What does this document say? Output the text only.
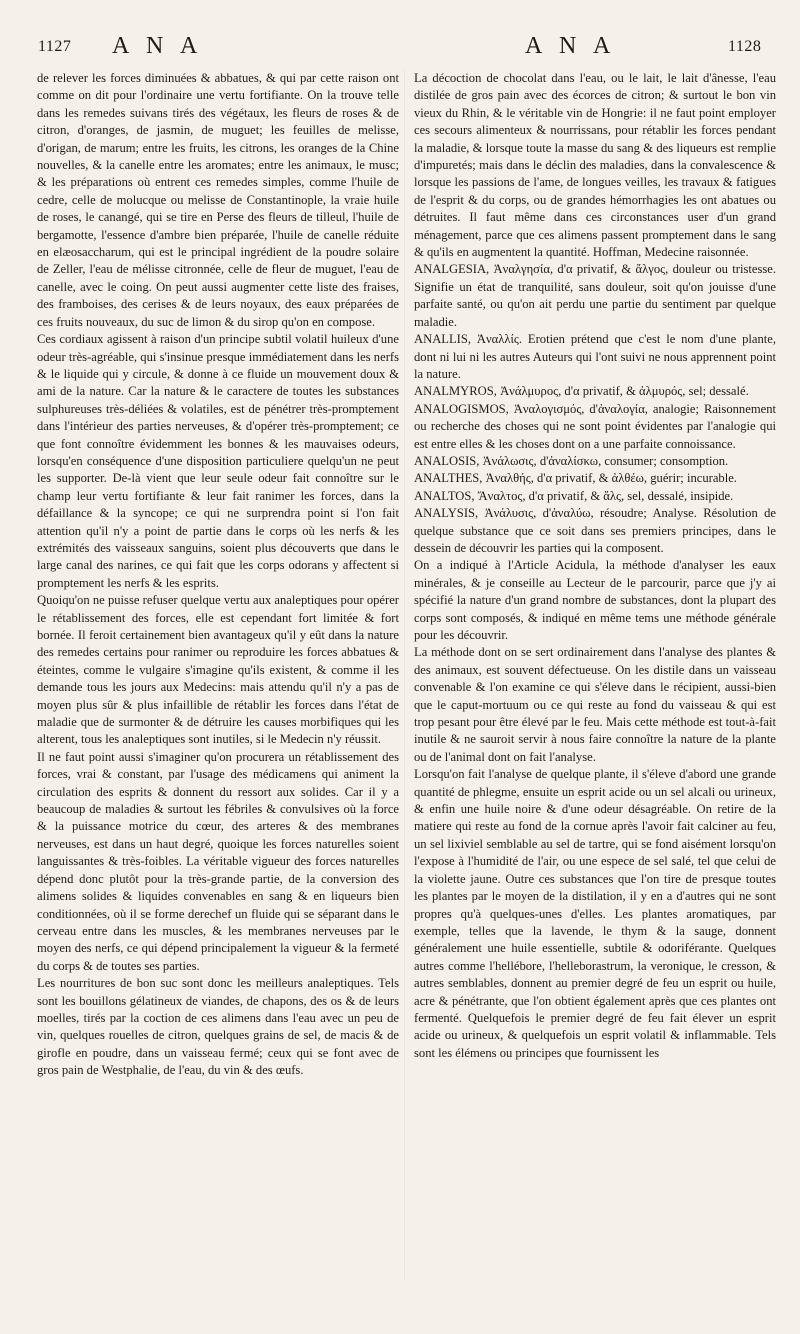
1127 A N A	A N A	1128

de relever les forces diminuées & abbatues, & qui par cette raison ont comme on dit pour l'ordinaire une vertu fortifiante. On la trouve telle dans les remedes suivans tirés des végétaux, les fleurs de roses & de citron, d'oranges, de jasmin, de muguet; les feuilles de melisse, d'origan, de marum; entre les fruits, les citrons, les oranges de la Chine nouvelles, & la canelle entre les aromates; entre les animaux, le musc; & les préparations où entrent ces remedes simples, comme l'huile de cedre, celle de molucque ou melisse de Constantinople, la vraie huile de roses, le canangé, qui se tire en Perse des fleurs de tilleul, l'huile de bergamotte, l'essence d'ambre bien préparée, l'huile de canelle réduite en elæosaccharum, qui est le principal ingrédient de la poudre solaire de Zeller, l'eau de mélisse citronnée, celle de fleur de muguet, l'eau de canelle, avec le coing. On peut aussi augmenter cette liste des fraises, des framboises, des cerises & de leurs noyaux, des eaux préparées de ces fruits nouveaux, du suc de limon & du sirop qu'on en compose.

Ces cordiaux agissent à raison d'un principe subtil volatil huileux d'une odeur très-agréable, qui s'insinue presque immédiatement dans les nerfs & le liquide qui y circule, & donne à ce fluide un mouvement doux & ami de la nature. Car la nature & le caractere de toutes les substances sulphureuses très-déliées & volatiles, est de pénétrer très-promptement dans l'intérieur des parties nerveuses, & d'opérer très-promptement; ce que font connoître évidemment les bonnes & les mauvaises odeurs, lorsqu'en conséquence d'une disposition particuliere quelqu'un ne peut les supporter. De-là vient que leur seule odeur fait connoître sur le champ leur vertu fortifiante & leur fait ranimer les forces, dans la défaillance & la syncope; ce qui ne surprendra point si l'on fait attention qu'il n'y a point de partie dans le corps où les nerfs & les extrémités des vaisseaux sanguins, soient plus découverts que dans le large canal des narines, ce qui fait que les corps odorans y affectent si promptement les nerfs & les esprits.

Quoiqu'on ne puisse refuser quelque vertu aux analeptiques pour opérer le rétablissement des forces, elle est cependant fort limitée & fort bornée. Il feroit certainement bien avantageux qu'il y eût dans la nature des remedes certains pour ranimer ou reproduire les forces abbatues & éteintes, comme le vulgaire s'imagine qu'ils existent, & comme il les demande tous les jours aux Medecins: mais attendu qu'il n'y a pas de moyen plus sûr & plus infaillible de rétablir les forces dans l'état de maladie que de surmonter & de détruire les causes morbifiques qui les alterent, tous les analeptiques sont inutiles, si le Medecin n'y réussit.

Il ne faut point aussi s'imaginer qu'on procurera un rétablissement des forces, vrai & constant, par l'usage des médicamens qui animent la circulation des esprits & donnent du ressort aux solides. Car il y a beaucoup de maladies & surtout les fébriles & convulsives où la force & la puissance motrice du cœur, des arteres & des membranes nerveuses, est dans un haut degré, quoique les forces naturelles soient languissantes & très-foibles. La véritable vigueur des forces naturelles dépend donc plutôt pour la très-grande partie, de la conversion des alimens solides & liquides convenables en sang & en liqueurs bien conditionnées, où il se forme derechef un fluide qui se séparant dans le cerveau entre dans les muscles, & les membranes nerveuses par le moyen des nerfs, ce qui dépend principalement la vigueur & la fermeté du corps & de toutes ses parties.

Les nourritures de bon suc sont donc les meilleurs analeptiques. Tels sont les bouillons gélatineux de viandes, de chapons, des os & de leurs moelles, tirés par la coction de ces alimens dans l'eau avec un peu de vin, quelques rouelles de citron, quelques grains de sel, de macis & de girofle en poudre, dans un vaisseau fermé; ceux qui se font avec de gros pain de Westphalie, de l'eau, du vin & des œufs.

La décoction de chocolat dans l'eau, ou le lait, le lait d'ânesse, l'eau distilée de gros pain avec des écorces de citron; & surtout le bon vin vieux du Rhin, & le véritable vin de Hongrie: il ne faut point employer ces secours alimenteux & nourrissans, pour rétablir les forces pendant la maladie, & lorsque toute la masse du sang & des liqueurs est remplie d'impuretés; mais dans le déclin des maladies, dans la convalescence & lorsque les passions de l'ame, de longues veilles, les travaux & fatigues de l'esprit & du corps, ou de grandes hémorrhagies les ont abatues ou détruites. Il faut même dans ces circonstances user d'un grand ménagement, parce que ces alimens passent promptement dans le sang & qu'ils en augmentent la quantité. Hoffman, Medecine raisonnée.

ANALGESIA, Ἀναλγησία, d'α privatif, & ἄλγος, douleur ou tristesse. Signifie un état de tranquilité, sans douleur, soit qu'on jouisse d'une parfaite santé, ou qu'on ait perdu une partie du sentiment par quelque maladie.

ANALLIS, Ἀναλλίς. Erotien prétend que c'est le nom d'une plante, dont ni lui ni les autres Auteurs qui l'ont suivi ne nous apprennent point la nature.

ANALMYROS, Ἀνάλμυρος, d'α privatif, & ἀλμυρός, sel; dessalé.

ANALOGISMOS, Ἀναλογισμός, d'ἀναλογία, analogie; Raisonnement ou recherche des choses qui ne sont point évidentes par l'analogie qui est entre elles & les choses dont on a une parfaite connoissance.

ANALOSIS, Ἀνάλωσις, d'ἀναλίσκω, consumer; consomption.

ANALTHES, Ἀναλθής, d'α privatif, & ἀλθέω, guérir; incurable.

ANALTOS, Ἄναλτος, d'α privatif, & ἅλς, sel, dessalé, insipide.

ANALYSIS, Ἀνάλυσις, d'ἀναλύω, résoudre; Analyse. Résolution de quelque substance que ce soit dans ses premiers principes, dans le dessein de découvrir les parties qui la composent.

On a indiqué à l'Article Acidula, la méthode d'analyser les eaux minérales, & je conseille au Lecteur de le parcourir, parce que j'y ai spécifié la nature d'un grand nombre de substances, dont la plupart des corps sont composés, & indiqué en même tems une méthode générale pour les découvrir.

La méthode dont on se sert ordinairement dans l'analyse des plantes & des animaux, est souvent défectueuse. On les distile dans un vaisseau convenable & l'on examine ce qui s'éleve dans le récipient, aussi-bien que le caput-mortuum ou ce qui reste au fond du vaisseau & qui est trop pesant pour être élevé par le feu. Mais cette méthode est tout-à-fait inutile & ne sauroit servir à nous faire connoître la nature de la plante ou de l'animal dont on fait l'analyse.

Lorsqu'on fait l'analyse de quelque plante, il s'éleve d'abord une grande quantité de phlegme, ensuite un esprit acide ou un sel alcali ou urineux, & enfin une huile noire & d'une odeur désagréable. On retire de la matiere qui reste au fond de la cornue après l'avoir fait calciner au feu, un sel lixiviel semblable au sel de tartre, qui se fond aisément lorsqu'on l'expose à l'humidité de l'air, ou une espece de sel salé, tel que celui de la violette jaune. Outre ces substances que l'on tire de presque toutes les plantes par le moyen de la distilation, il y en a d'autres qui ne sont propres qu'à quelques-unes d'elles. Les plantes aromatiques, par exemple, telles que la lavende, le thym & la sauge, donnent généralement une huile essentielle, subtile & odoriférante. Quelques autres comme l'hellébore, l'helleborastrum, la veronique, le cresson, & autres semblables, donnent au premier degré de feu un esprit ou huile, acre & pénétrante, que l'on obtient également après que ces plantes ont fermenté. Quelquefois le premier degré de feu fait élever un esprit acide ou urineux, & quelquefois un esprit volatil & inflammable. Tels sont les élémens ou principes que fournissent les
